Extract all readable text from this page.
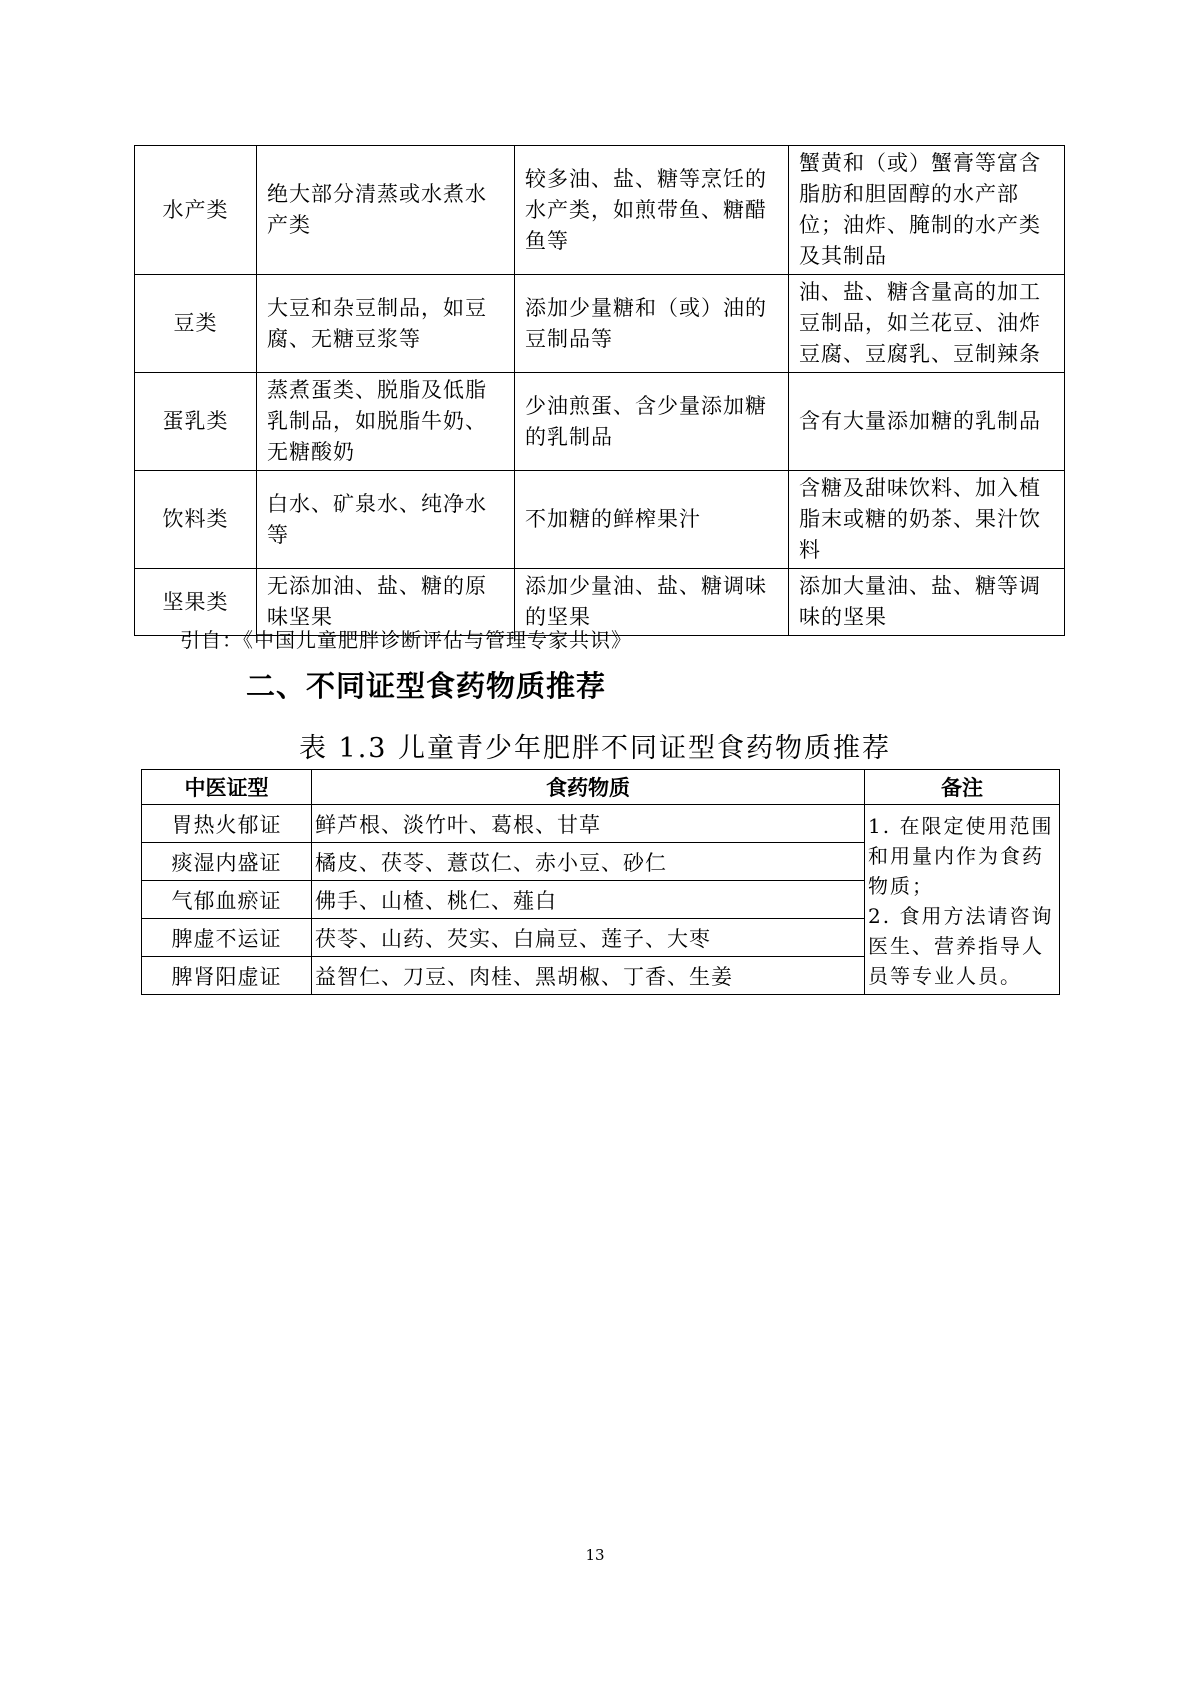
水产类	绝大部分清蒸或水煮水产类	较多油、盐、糖等烹饪的水产类，如煎带鱼、糖醋鱼等	蟹黄和（或）蟹膏等富含脂肪和胆固醇的水产部位；油炸、腌制的水产类及其制品
豆类	大豆和杂豆制品，如豆腐、无糖豆浆等	添加少量糖和（或）油的豆制品等	油、盐、糖含量高的加工豆制品，如兰花豆、油炸豆腐、豆腐乳、豆制辣条
蛋乳类	蒸煮蛋类、脱脂及低脂乳制品，如脱脂牛奶、无糖酸奶	少油煎蛋、含少量添加糖的乳制品	含有大量添加糖的乳制品
饮料类	白水、矿泉水、纯净水等	不加糖的鲜榨果汁	含糖及甜味饮料、加入植脂末或糖的奶茶、果汁饮料
坚果类	无添加油、盐、糖的原味坚果	添加少量油、盐、糖调味的坚果	添加大量油、盐、糖等调味的坚果
引自：《中国儿童肥胖诊断评估与管理专家共识》
二、不同证型食药物质推荐
表 1.3 儿童青少年肥胖不同证型食药物质推荐
中医证型	食药物质	备注
胃热火郁证	鲜芦根、淡竹叶、葛根、甘草	1. 在限定使用范围和用量内作为食药物质；
2. 食用方法请咨询医生、营养指导人员等专业人员。

痰湿内盛证	橘皮、茯苓、薏苡仁、赤小豆、砂仁	
气郁血瘀证	佛手、山楂、桃仁、薤白	
脾虚不运证	茯苓、山药、芡实、白扁豆、莲子、大枣	
脾肾阳虚证	益智仁、刀豆、肉桂、黑胡椒、丁香、生姜	
13
